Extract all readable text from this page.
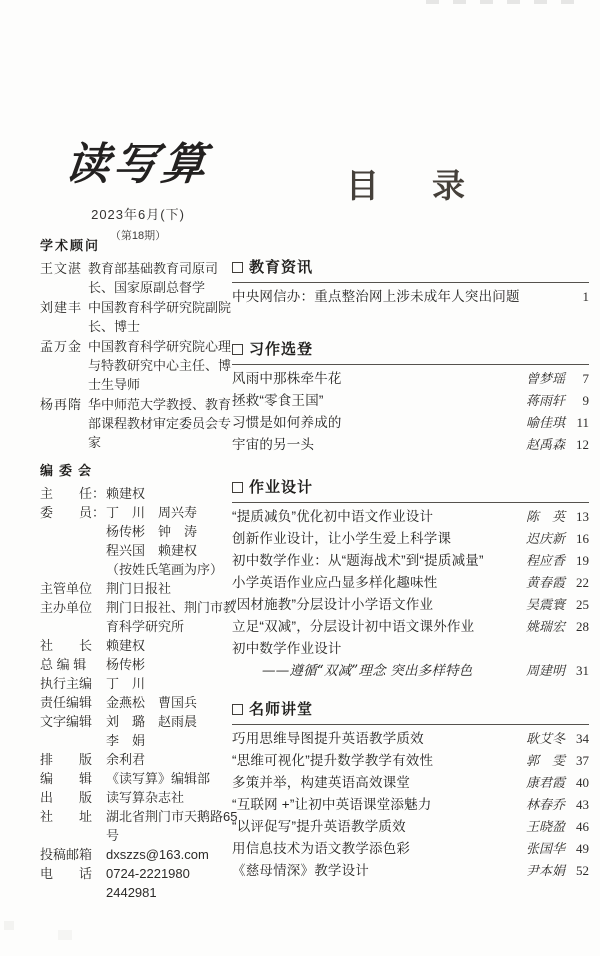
读写算
2023年6月(下)
（第18期）
目　录
学术顾问
王文湛 教育部基础教育司原司长、国家原副总督学
刘建丰 中国教育科学研究院副院长、博士
孟万金 中国教育科学研究院心理与特教研究中心主任、博士生导师
杨再隋 华中师范大学教授、教育部课程教材审定委员会专家
编委会
主　　任： 赖建权
委　　员： 丁　川　周兴寿
杨传彬　钟　涛
程兴国　赖建权
（按姓氏笔画为序）
主管单位	荆门日报社
主办单位	荆门日报社、荆门市教育科学研究所
社　　长	赖建权
总 编 辑	杨传彬
执行主编	丁　川
责任编辑	金燕松　曹国兵
文字编辑	刘　璐　赵雨晨
李　娟
排　　版	余利君
编　　辑	《读写算》编辑部
出　　版	读写算杂志社
社　　址	湖北省荆门市天鹅路65号
投稿邮箱	dxszzs@163.com
电　　话	0724-2221980 2442981
教育资讯
中央网信办：重点整治网上涉未成年人突出问题	1
习作选登
风雨中那株牵牛花	曾梦瑶	7
拯救“零食王国”	蒋雨轩	9
习惯是如何养成的	喻佳琪 11
宇宙的另一头	赵禹森 12
作业设计
“提质减负”优化初中语文作业设计	陈　英 13
创新作业设计，让小学生爱上科学课	迟庆新 16
初中数学作业：从“题海战术”到“提质减量”	程应香 19
小学英语作业应凸显多样化趣味性	黄春霞 22
“因材施教”分层设计小学语文作业	吴震寰 25
立足“双减”，分层设计初中语文课外作业	姚瑞宏 28
初中数学作业设计
——遵循“双减”理念 突出多样特色	周建明 31
名师讲堂
巧用思维导图提升英语教学质效	耿艾冬 34
“思维可视化”提升数学教学有效性	郭　雯 37
多策并举，构建英语高效课堂	康君霞 40
“互联网 +”让初中英语课堂添魅力	林春乔 43
“以评促写”提升英语教学质效	王晓盈 46
用信息技术为语文教学添色彩	张国华 49
《慈母情深》教学设计	尹本娟 52
